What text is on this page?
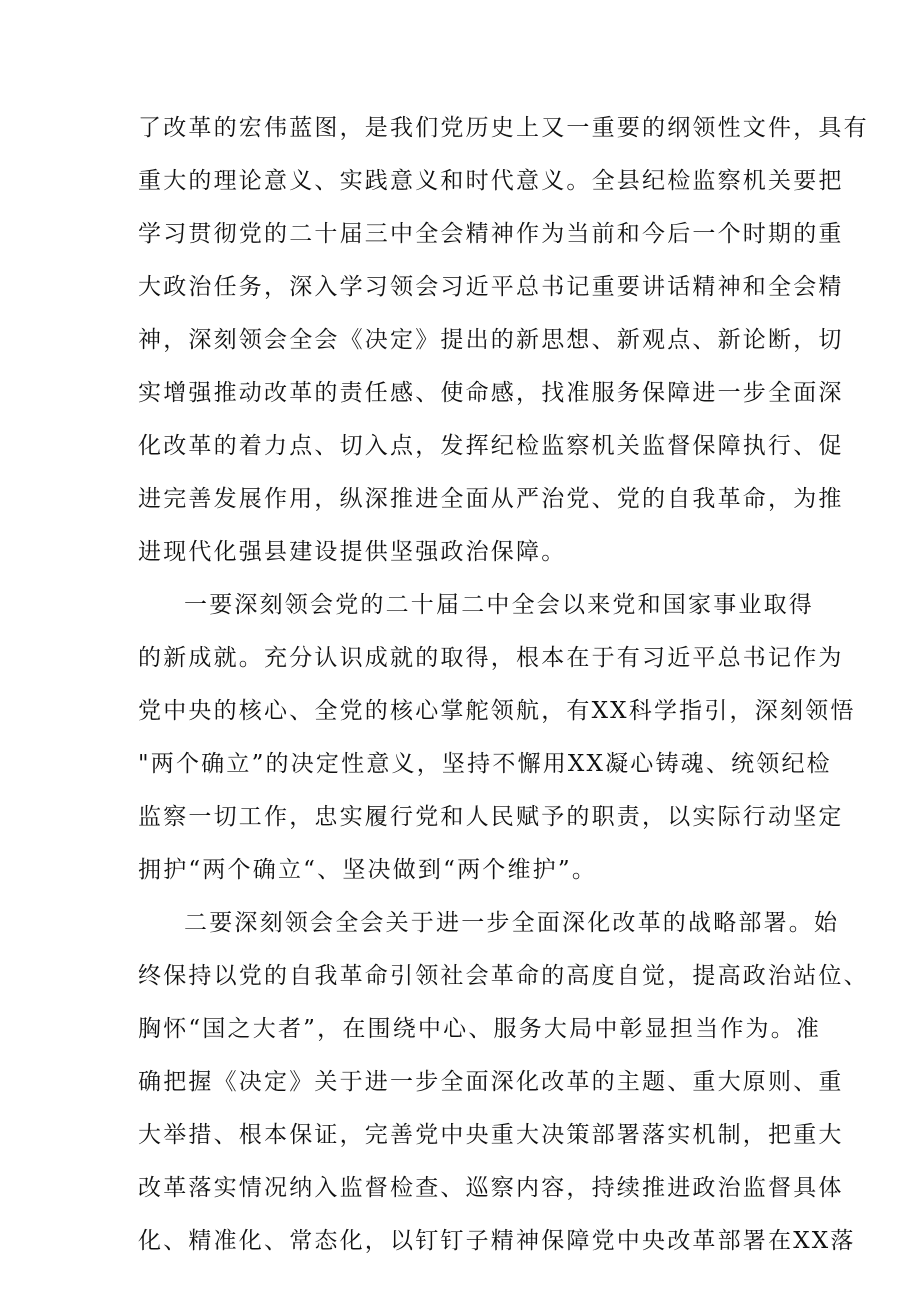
了改革的宏伟蓝图，是我们党历史上又一重要的纲领性文件，具有
重大的理论意义、实践意义和时代意义。全县纪检监察机关要把
学习贯彻党的二十届三中全会精神作为当前和今后一个时期的重
大政治任务，深入学习领会习近平总书记重要讲话精神和全会精
神，深刻领会全会《决定》提出的新思想、新观点、新论断，切
实增强推动改革的责任感、使命感，找准服务保障进一步全面深
化改革的着力点、切入点，发挥纪检监察机关监督保障执行、促
进完善发展作用，纵深推进全面从严治党、党的自我革命，为推
进现代化强县建设提供坚强政治保障。
一要深刻领会党的二十届二中全会以来党和国家事业取得
的新成就。充分认识成就的取得，根本在于有习近平总书记作为
党中央的核心、全党的核心掌舵领航，有XX科学指引，深刻领悟
"两个确立”的决定性意义，坚持不懈用XX凝心铸魂、统领纪检
监察一切工作，忠实履行党和人民赋予的职责，以实际行动坚定
拥护“两个确立“、坚决做到“两个维护”。
二要深刻领会全会关于进一步全面深化改革的战略部署。始
终保持以党的自我革命引领社会革命的高度自觉，提高政治站位、
胸怀“国之大者”，在围绕中心、服务大局中彰显担当作为。准
确把握《决定》关于进一步全面深化改革的主题、重大原则、重
大举措、根本保证，完善党中央重大决策部署落实机制，把重大
改革落实情况纳入监督检查、巡察内容，持续推进政治监督具体
化、精准化、常态化，以钉钉子精神保障党中央改革部署在XX落
